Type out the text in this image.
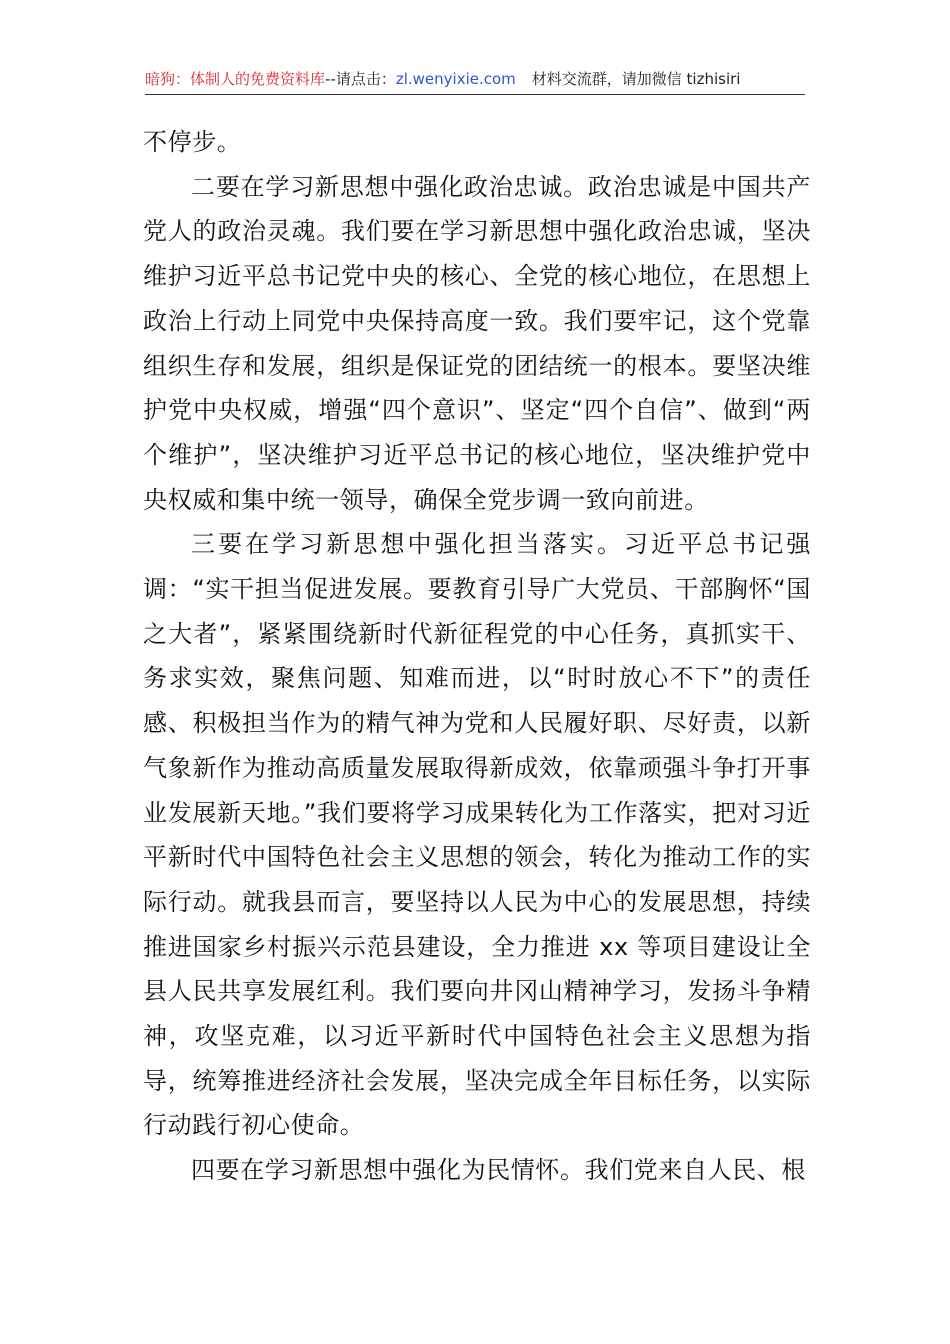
暗狗：体制人的免费资料库--请点击：zl.wenyixie.com 材料交流群，请加微信 tizhisiri

不停步。

二要在学习新思想中强化政治忠诚。政治忠诚是中国共产党人的政治灵魂。我们要在学习新思想中强化政治忠诚，坚决维护习近平总书记党中央的核心、全党的核心地位，在思想上政治上行动上同党中央保持高度一致。我们要牢记，这个党靠组织生存和发展，组织是保证党的团结统一的根本。要坚决维护党中央权威，增强“四个意识”、坚定“四个自信”、做到“两个维护”，坚决维护习近平总书记的核心地位，坚决维护党中央权威和集中统一领导，确保全党步调一致向前进。

三要在学习新思想中强化担当落实。习近平总书记强调：“实干担当促进发展。要教育引导广大党员、干部胸怀“国之大者”，紧紧围绕新时代新征程党的中心任务，真抓实干、务求实效，聚焦问题、知难而进，以“时时放心不下”的责任感、积极担当作为的精气神为党和人民履好职、尽好责，以新气象新作为推动高质量发展取得新成效，依靠顽强斗争打开事业发展新天地。”我们要将学习成果转化为工作落实，把对习近平新时代中国特色社会主义思想的领会，转化为推动工作的实际行动。就我县而言，要坚持以人民为中心的发展思想，持续推进国家乡村振兴示范县建设，全力推进 xx 等项目建设让全县人民共享发展红利。我们要向井冈山精神学习，发扬斗争精神，攻坚克难，以习近平新时代中国特色社会主义思想为指导，统筹推进经济社会发展，坚决完成全年目标任务，以实际行动践行初心使命。

四要在学习新思想中强化为民情怀。我们党来自人民、根
